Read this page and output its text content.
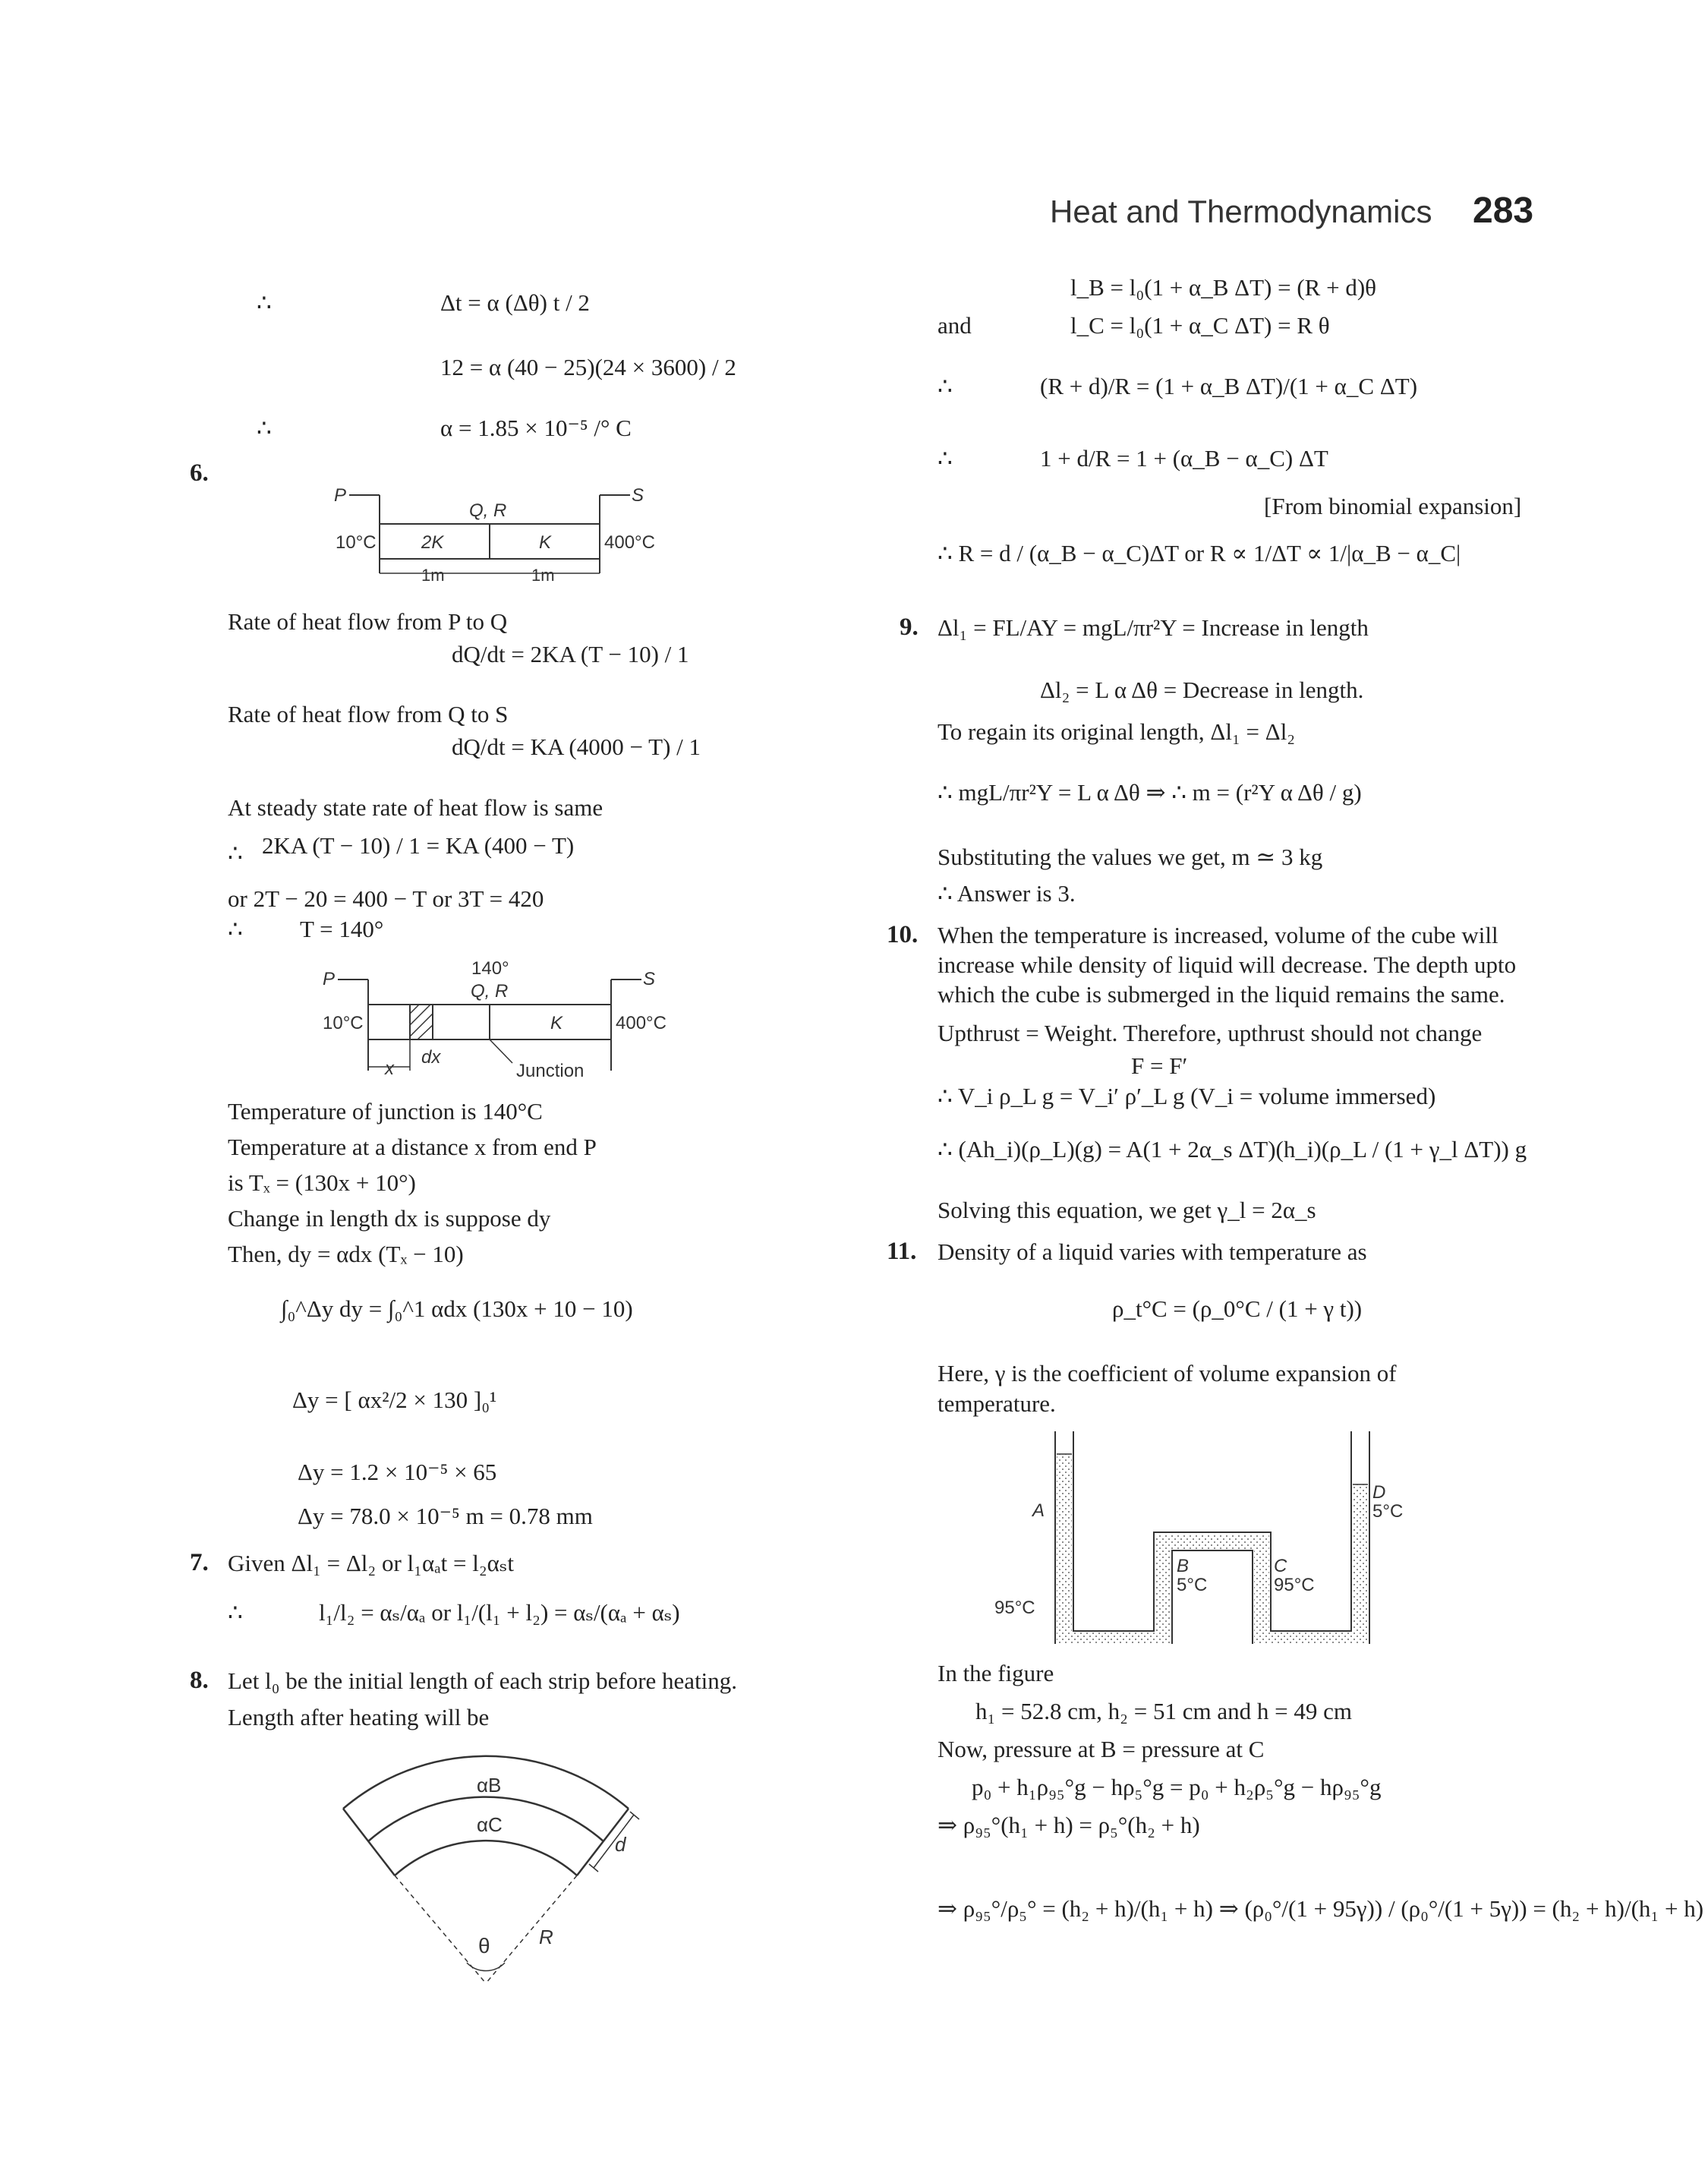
Heat and Thermodynamics 283
∴	Δt = α (Δθ) t / 2
12 = α (40 − 25)(24 × 3600) / 2
∴	α = 1.85 × 10⁻⁵ /° C
6.
P	S
Q, R
10°C 2K	K	400°C
1m	1m
Rate of heat flow from P to Q
dQ/dt = 2KA (T − 10) / 1
Rate of heat flow from Q to S
dQ/dt = KA (4000 − T) / 1
At steady state rate of heat flow is same
∴ 2KA (T − 10) / 1 = KA (400 − T)
or 2T − 20 = 400 − T or 3T = 420
∴ T = 140°
P	S
140°
Q, R
10°C	K	400°C
x
dx
Junction
Temperature of junction is 140°C
Temperature at a distance x from end P
is Tₓ = (130x + 10°)
Change in length dx is suppose dy
Then, dy = αdx (Tₓ − 10)
∫₀^Δy dy = ∫₀^1 αdx (130x + 10 − 10)
Δy = [ αx²/2 × 130 ]₀¹
Δy = 1.2 × 10⁻⁵ × 65
Δy = 78.0 × 10⁻⁵ m = 0.78 mm
7. Given Δl₁ = Δl₂ or l₁αₐt = l₂αₛt
∴	l₁/l₂ = αₛ/αₐ or l₁/(l₁ + l₂) = αₛ/(αₐ + αₛ)
8. Let l₀ be the initial length of each strip before heating.
Length after heating will be
αB
αC
d
R
θ
l_B = l₀(1 + α_B ΔT) = (R + d)θ
and	l_C = l₀(1 + α_C ΔT) = R θ
∴	(R + d)/R = (1 + α_B ΔT)/(1 + α_C ΔT)
∴	1 + d/R = 1 + (α_B − α_C) ΔT
[From binomial expansion]
∴ R = d / (α_B − α_C)ΔT or R ∝ 1/ΔT ∝ 1/|α_B − α_C|
9. Δl₁ = FL/AY = mgL/πr²Y = Increase in length
Δl₂ = L α Δθ = Decrease in length.
To regain its original length, Δl₁ = Δl₂
∴ mgL/πr²Y = L α Δθ ⇒ ∴ m = (r²Y α Δθ / g)
Substituting the values we get, m ≃ 3 kg
∴ Answer is 3.
10. When the temperature is increased, volume of the cube will
increase while density of liquid will decrease. The depth upto
which the cube is submerged in the liquid remains the same.
Upthrust = Weight. Therefore, upthrust should not change
F = F′
∴ V_i ρ_L g = V_i′ ρ′_L g (V_i = volume immersed)
∴ (Ah_i)(ρ_L)(g) = A(1 + 2α_s ΔT)(h_i)(ρ_L / (1 + γ_l ΔT)) g
Solving this equation, we get γ_l = 2α_s
11. Density of a liquid varies with temperature as
ρ_t°C = (ρ_0°C / (1 + γ t))
Here, γ is the coefficient of volume expansion of
temperature.
A
95°C
B
5°C
C
95°C
D
5°C
In the figure
h₁ = 52.8 cm, h₂ = 51 cm and h = 49 cm
Now, pressure at B = pressure at C
p₀ + h₁ρ₉₅°g − hρ₅°g = p₀ + h₂ρ₅°g − hρ₉₅°g
⇒ ρ₉₅°(h₁ + h) = ρ₅°(h₂ + h)
⇒ ρ₉₅°/ρ₅° = (h₂ + h)/(h₁ + h) ⇒ (ρ₀°/(1 + 95γ)) / (ρ₀°/(1 + 5γ)) = (h₂ + h)/(h₁ + h)
